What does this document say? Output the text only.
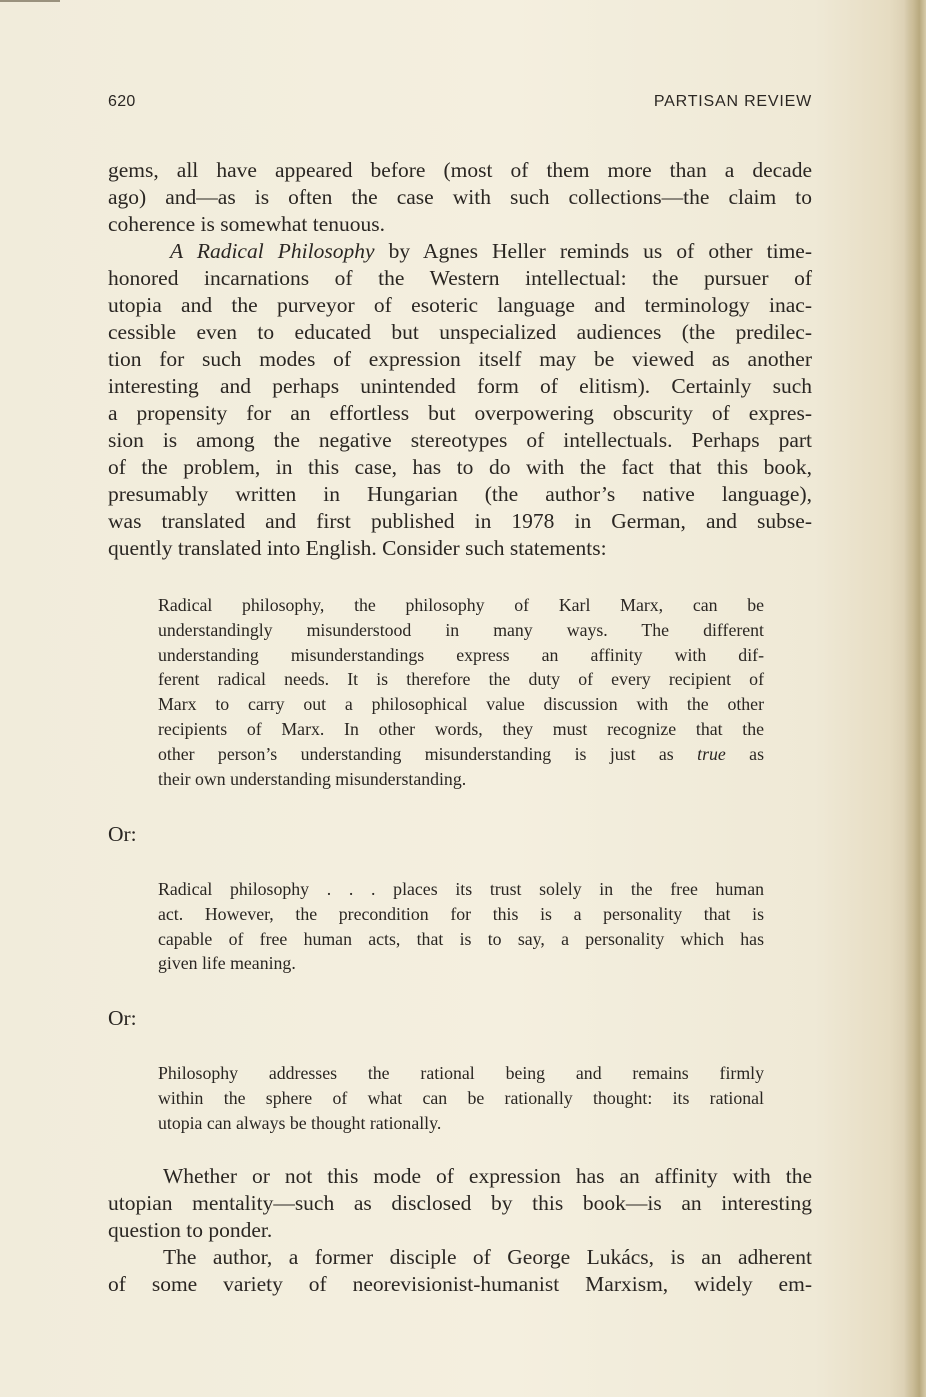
620	PARTISAN REVIEW
gems, all have appeared before (most of them more than a decade
ago) and—as is often the case with such collections—the claim to
coherence is somewhat tenuous.
A Radical Philosophy by Agnes Heller reminds us of other time-
honored incarnations of the Western intellectual: the pursuer of
utopia and the purveyor of esoteric language and terminology inac-
cessible even to educated but unspecialized audiences (the predilec-
tion for such modes of expression itself may be viewed as another
interesting and perhaps unintended form of elitism). Certainly such
a propensity for an effortless but overpowering obscurity of expres-
sion is among the negative stereotypes of intellectuals. Perhaps part
of the problem, in this case, has to do with the fact that this book,
presumably written in Hungarian (the author’s native language),
was translated and first published in 1978 in German, and subse-
quently translated into English. Consider such statements:
Radical philosophy, the philosophy of Karl Marx, can be
understandingly misunderstood in many ways. The different
understanding misunderstandings express an affinity with dif-
ferent radical needs. It is therefore the duty of every recipient of
Marx to carry out a philosophical value discussion with the other
recipients of Marx. In other words, they must recognize that the
other person’s understanding misunderstanding is just as true as
their own understanding misunderstanding.
Or:
Radical philosophy . . . places its trust solely in the free human
act. However, the precondition for this is a personality that is
capable of free human acts, that is to say, a personality which has
given life meaning.
Or:
Philosophy addresses the rational being and remains firmly
within the sphere of what can be rationally thought: its rational
utopia can always be thought rationally.
Whether or not this mode of expression has an affinity with the
utopian mentality—such as disclosed by this book—is an interesting
question to ponder.
The author, a former disciple of George Lukács, is an adherent
of some variety of neorevisionist-humanist Marxism, widely em-
